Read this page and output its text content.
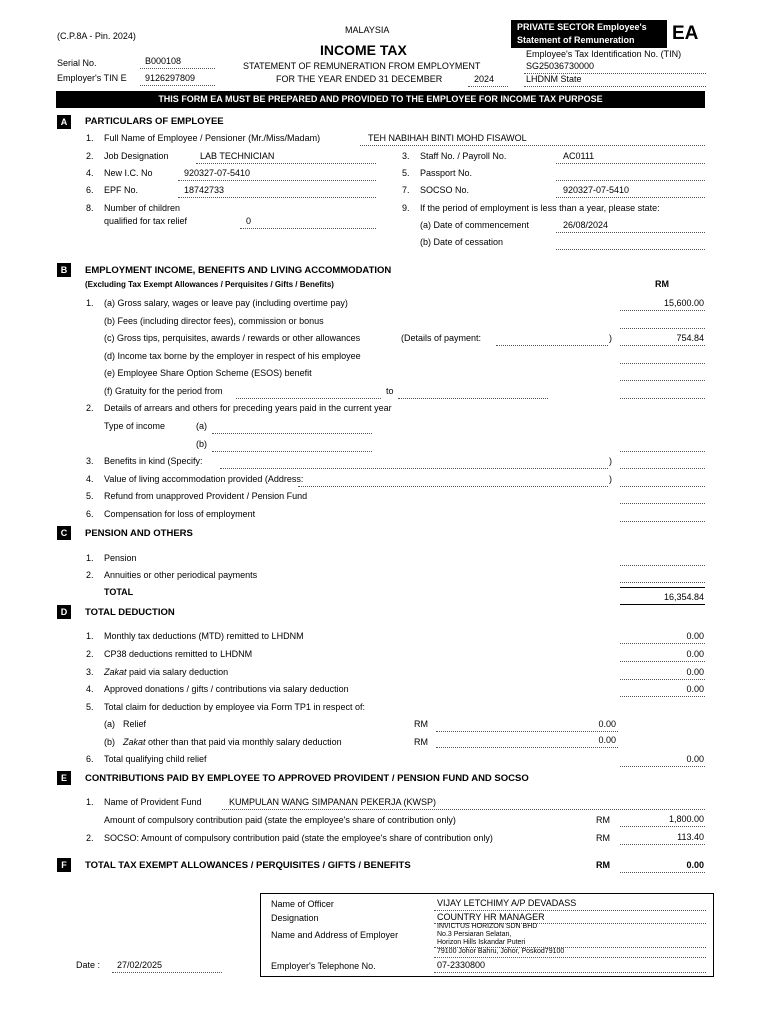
(C.P.8A - Pin. 2024)
MALAYSIA
INCOME TAX
STATEMENT OF REMUNERATION FROM EMPLOYMENT
FOR THE YEAR ENDED 31 DECEMBER	2024
PRIVATE SECTOR Employee's
Statement of Remuneration EA
Serial No.	B000108
Employer's TIN E 9126297809
Employee's Tax Identification No. (TIN)
SG25036730000
LHDNM State
THIS FORM EA MUST BE PREPARED AND PROVIDED TO THE EMPLOYEE FOR INCOME TAX PURPOSE
A	PARTICULARS OF EMPLOYEE
1. Full Name of Employee / Pensioner (Mr./Miss/Madam)	TEH NABIHAH BINTI MOHD FISAWOL
2. Job Designation	LAB TECHNICIAN	3. Staff No. / Payroll No.	AC0111
4. New I.C. No	920327-07-5410	5. Passport No.
6. EPF No.	18742733	7. SOCSO No.	920327-07-5410
8. Number of children
qualified for tax relief	0
9. If the period of employment is less than a year, please state:
(a) Date of commencement	26/08/2024
(b) Date of cessation
B	EMPLOYMENT INCOME, BENEFITS AND LIVING ACCOMMODATION
(Excluding Tax Exempt Allowances / Perquisites / Gifts / Benefits)	RM
1. (a) Gross salary, wages or leave pay (including overtime pay)	15,600.00
(b) Fees (including director fees), commission or bonus
(c) Gross tips, perquisites, awards / rewards or other allowances	(Details of payment:	)	754.84
(d) Income tax borne by the employer in respect of his employee
(e) Employee Share Option Scheme (ESOS) benefit
(f) Gratuity for the period from	to
2. Details of arrears and others for preceding years paid in the current year
Type of income	(a)
(b)
3. Benefits in kind (Specify:	)
4. Value of living accommodation provided (Address:	)
5. Refund from unapproved Provident / Pension Fund
6. Compensation for loss of employment
C	PENSION AND OTHERS
1. Pension
2. Annuities or other periodical payments
TOTAL	16,354.84
D	TOTAL DEDUCTION
1. Monthly tax deductions (MTD) remitted to LHDNM	0.00
2. CP38 deductions remitted to LHDNM	0.00
3. Zakat paid via salary deduction	0.00
4. Approved donations / gifts / contributions via salary deduction	0.00
5. Total claim for deduction by employee via Form TP1 in respect of:
(a) Relief	RM	0.00
(b) Zakat other than that paid via monthly salary deduction	RM	0.00
6. Total qualifying child relief	0.00
E	CONTRIBUTIONS PAID BY EMPLOYEE TO APPROVED PROVIDENT / PENSION FUND AND SOCSO
1. Name of Provident Fund	KUMPULAN WANG SIMPANAN PEKERJA (KWSP)
Amount of compulsory contribution paid (state the employee's share of contribution only)	RM	1,800.00
2. SOCSO: Amount of compulsory contribution paid (state the employee's share of contribution only)	RM	113.40
F	TOTAL TAX EXEMPT ALLOWANCES / PERQUISITES / GIFTS / BENEFITS	RM	0.00
Date : 27/02/2025
Name of Officer	VIJAY LETCHIMY A/P DEVADASS
Designation	COUNTRY HR MANAGER
Name and Address of Employer
INVICTUS HORIZON SDN BHD
No.3 Persiaran Selatan,
Horizon Hills Iskandar Puteri
79100 Johor Bahru, Johor, Poskod79100
Employer's Telephone No.	07-2330800
